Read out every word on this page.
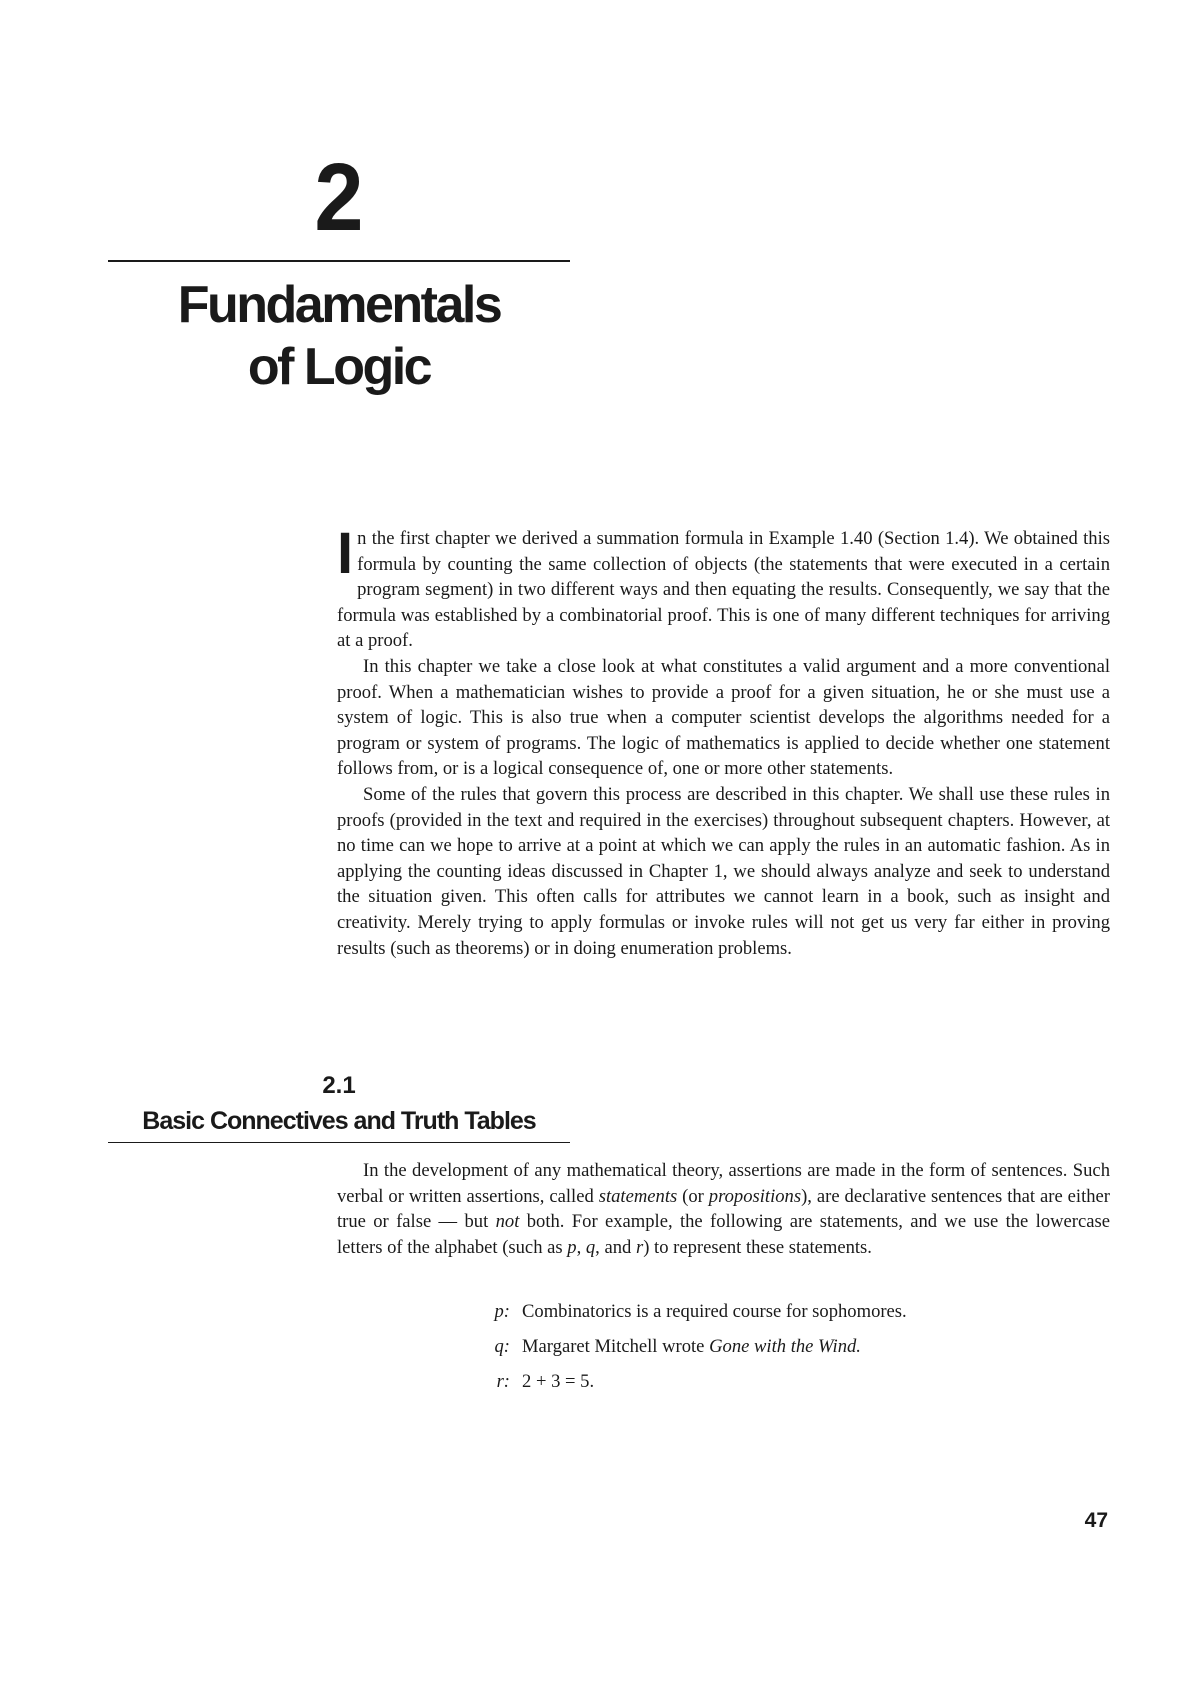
2
Fundamentals
of Logic

In the first chapter we derived a summation formula in Example 1.40 (Section 1.4). We obtained this formula by counting the same collection of objects (the statements that were executed in a certain program segment) in two different ways and then equating the results. Consequently, we say that the formula was established by a combinatorial proof. This is one of many different techniques for arriving at a proof.

In this chapter we take a close look at what constitutes a valid argument and a more conventional proof. When a mathematician wishes to provide a proof for a given situation, he or she must use a system of logic. This is also true when a computer scientist develops the algorithms needed for a program or system of programs. The logic of mathematics is applied to decide whether one statement follows from, or is a logical consequence of, one or more other statements.

Some of the rules that govern this process are described in this chapter. We shall use these rules in proofs (provided in the text and required in the exercises) throughout subsequent chapters. However, at no time can we hope to arrive at a point at which we can apply the rules in an automatic fashion. As in applying the counting ideas discussed in Chapter 1, we should always analyze and seek to understand the situation given. This often calls for attributes we cannot learn in a book, such as insight and creativity. Merely trying to apply formulas or invoke rules will not get us very far either in proving results (such as theorems) or in doing enumeration problems.

2.1
Basic Connectives and Truth Tables

In the development of any mathematical theory, assertions are made in the form of sentences. Such verbal or written assertions, called statements (or propositions), are declarative sentences that are either true or false — but not both. For example, the following are statements, and we use the lowercase letters of the alphabet (such as p, q, and r) to represent these statements.

p: Combinatorics is a required course for sophomores.
q: Margaret Mitchell wrote Gone with the Wind.
r: 2 + 3 = 5.
47
